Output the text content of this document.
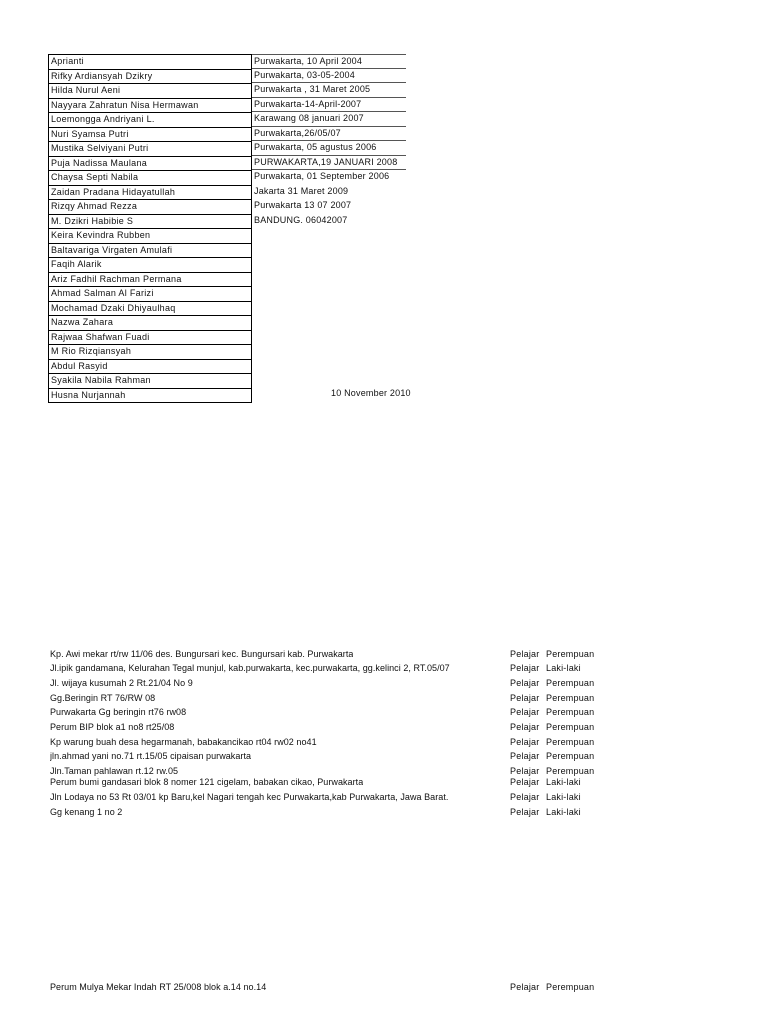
Aprianti	Purwakarta, 10 April 2004
Rifky Ardiansyah Dzikry	Purwakarta, 03-05-2004
Hilda Nurul Aeni	Purwakarta , 31 Maret 2005
Nayyara Zahratun Nisa Hermawan	Purwakarta-14-April-2007
Loemongga Andriyani L.	Karawang 08 januari 2007
Nuri Syamsa Putri	Purwakarta,26/05/07
Mustika Selviyani Putri	Purwakarta, 05 agustus 2006
Puja Nadissa Maulana	PURWAKARTA,19 JANUARI 2008
Chaysa Septi Nabila	Purwakarta, 01 September 2006
Zaidan Pradana Hidayatullah	Jakarta 31 Maret 2009
Rizqy Ahmad Rezza	Purwakarta 13 07 2007
M. Dzikri Habibie S	BANDUNG. 06042007
Keira Kevindra Rubben
Baltavariga Virgaten Amulafi
Faqih Alarik
Ariz Fadhil Rachman Permana
Ahmad Salman Al Farizi
Mochamad Dzaki Dhiyaulhaq
Nazwa Zahara
Rajwaa Shafwan Fuadi
M Rio Rizqiansyah
Abdul Rasyid
Syakila Nabila Rahman
Husna Nurjannah	10 November 2010
Kp. Awi mekar rt/rw 11/06 des. Bungursari kec. Bungursari kab. Purwakarta	Pelajar Perempuan
Jl.ipik gandamana, Kelurahan Tegal munjul, kab.purwakarta, kec.purwakarta, gg.kelinci 2, RT.05/07	Pelajar Laki-laki
Jl. wijaya kusumah 2 Rt.21/04 No 9	Pelajar Perempuan
Gg.Beringin RT 76/RW 08	Pelajar Perempuan
Purwakarta Gg beringin rt76 rw08	Pelajar Perempuan
Perum BIP blok a1 no8 rt25/08	Pelajar Perempuan
Kp warung buah desa hegarmanah, babakancikao rt04 rw02 no41	Pelajar Perempuan
jln.ahmad yani no.71 rt.15/05 cipaisan purwakarta	Pelajar Perempuan
Jln.Taman pahlawan rt.12 rw.05	Pelajar Perempuan
Perum bumi gandasari blok 8 nomer 121 cigelam, babakan cikao, Purwakarta	Pelajar Laki-laki
Jln Lodaya no 53 Rt 03/01 kp Baru,kel Nagari tengah kec Purwakarta,kab Purwakarta, Jawa Barat.	Pelajar Laki-laki
Gg kenang 1 no 2	Pelajar Laki-laki
Perum Mulya Mekar Indah RT 25/008 blok a.14 no.14	Pelajar Perempuan
